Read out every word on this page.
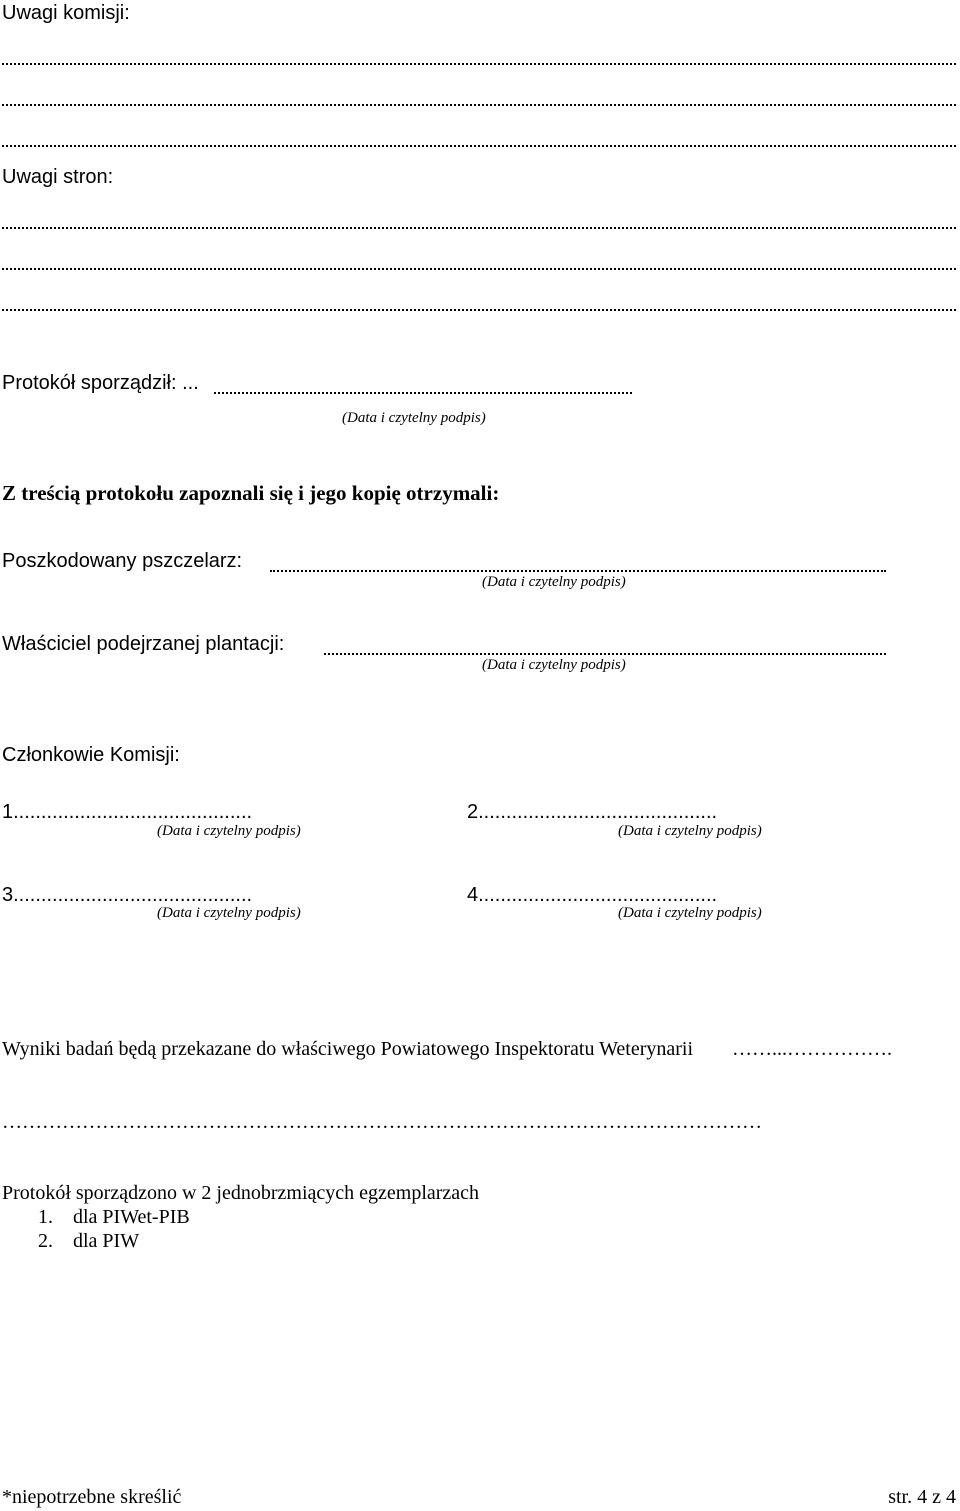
Uwagi komisji:
Uwagi stron:
Protokół sporządził: ...
(Data i czytelny podpis)
Z treścią protokołu zapoznali się i jego kopię otrzymali:
Poszkodowany pszczelarz:
(Data i czytelny podpis)
Właściciel podejrzanej plantacji:
(Data i czytelny podpis)
Członkowie Komisji:
1...........................................
(Data i czytelny podpis)
2...........................................
(Data i czytelny podpis)
3...........................................
(Data i czytelny podpis)
4...........................................
(Data i czytelny podpis)
Wyniki badań będą przekazane do właściwego Powiatowego Inspektoratu Weterynarii ……...…………….
……………………………………………………………………………………………………
Protokół sporządzono w 2 jednobrzmiących egzemplarzach
1. dla PIWet-PIB
2. dla PIW
*niepotrzebne skreślić	str. 4 z 4
